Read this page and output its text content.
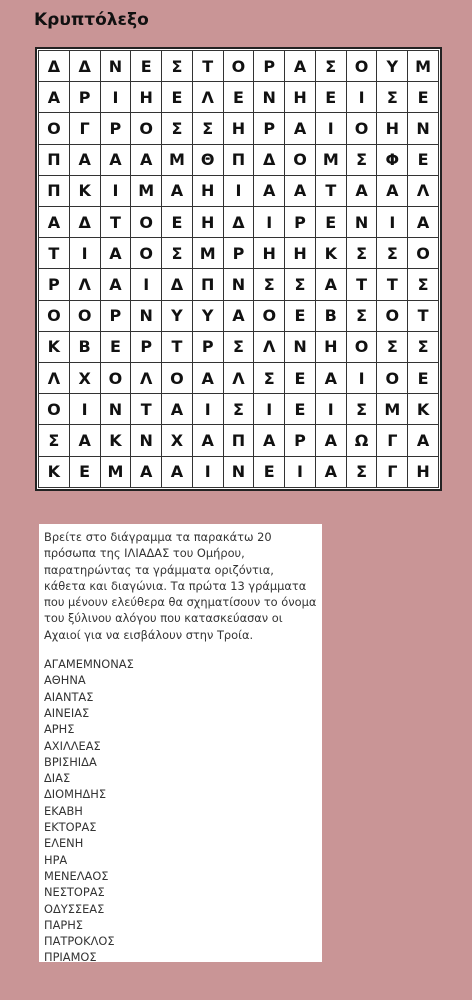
Κρυπτόλεξο
Δ	Δ	Ν	Ε	Σ	Τ	Ο	Ρ	Α	Σ	Ο	Υ	Μ
Α	Ρ	Ι	Η	Ε	Λ	Ε	Ν	Η	Ε	Ι	Σ	Ε
Ο	Γ	Ρ	Ο	Σ	Σ	Η	Ρ	Α	Ι	Ο	Η	Ν
Π	Α	Α	Α	Μ	Θ	Π	Δ	Ο	Μ	Σ	Φ	Ε
Π	Κ	Ι	Μ	Α	Η	Ι	Α	Α	Τ	Α	Α	Λ
Α	Δ	Τ	Ο	Ε	Η	Δ	Ι	Ρ	Ε	Ν	Ι	Α
Τ	Ι	Α	Ο	Σ	Μ	Ρ	Η	Η	Κ	Σ	Σ	Ο
Ρ	Λ	Α	Ι	Δ	Π	Ν	Σ	Σ	Α	Τ	Τ	Σ
Ο	Ο	Ρ	Ν	Υ	Υ	Α	Ο	Ε	Β	Σ	Ο	Τ
Κ	Β	Ε	Ρ	Τ	Ρ	Σ	Λ	Ν	Η	Ο	Σ	Σ
Λ	Χ	Ο	Λ	Ο	Α	Λ	Σ	Ε	Α	Ι	Ο	Ε
Ο	Ι	Ν	Τ	Α	Ι	Σ	Ι	Ε	Ι	Σ	Μ	Κ
Σ	Α	Κ	Ν	Χ	Α	Π	Α	Ρ	Α	Ω	Γ	Α
Κ	Ε	Μ	Α	Α	Ι	Ν	Ε	Ι	Α	Σ	Γ	Η

Βρείτε στο διάγραμμα τα παρακάτω 20 πρόσωπα της ΙΛΙΑΔΑΣ του Ομήρου, παρατηρώντας τα γράμματα οριζόντια, κάθετα και διαγώνια. Τα πρώτα 13 γράμματα που μένουν ελεύθερα θα σχηματίσουν το όνομα του ξύλινου αλόγου που κατασκεύασαν οι Αχαιοί για να εισβάλουν στην Τροία.

ΑΓΑΜΕΜΝΟΝΑΣ
ΑΘΗΝΑ
ΑΙΑΝΤΑΣ
ΑΙΝΕΙΑΣ
ΑΡΗΣ
ΑΧΙΛΛΕΑΣ
ΒΡΙΣΗΙΔΑ
ΔΙΑΣ
ΔΙΟΜΗΔΗΣ
ΕΚΑΒΗ
ΕΚΤΟΡΑΣ
ΕΛΕΝΗ
ΗΡΑ
ΜΕΝΕΛΑΟΣ
ΝΕΣΤΟΡΑΣ
ΟΔΥΣΣΕΑΣ
ΠΑΡΗΣ
ΠΑΤΡΟΚΛΟΣ
ΠΡΙΑΜΟΣ
